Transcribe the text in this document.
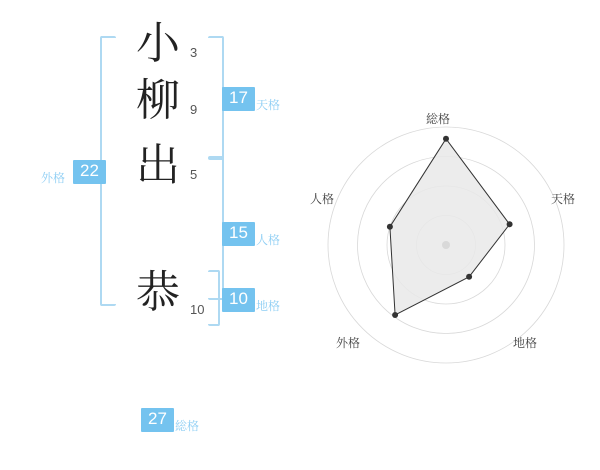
小 3
柳 9
出 5
恭 10
外格 22
17 天格
15 人格
10 地格
27 総格
総格
天格
地格
外格
人格
